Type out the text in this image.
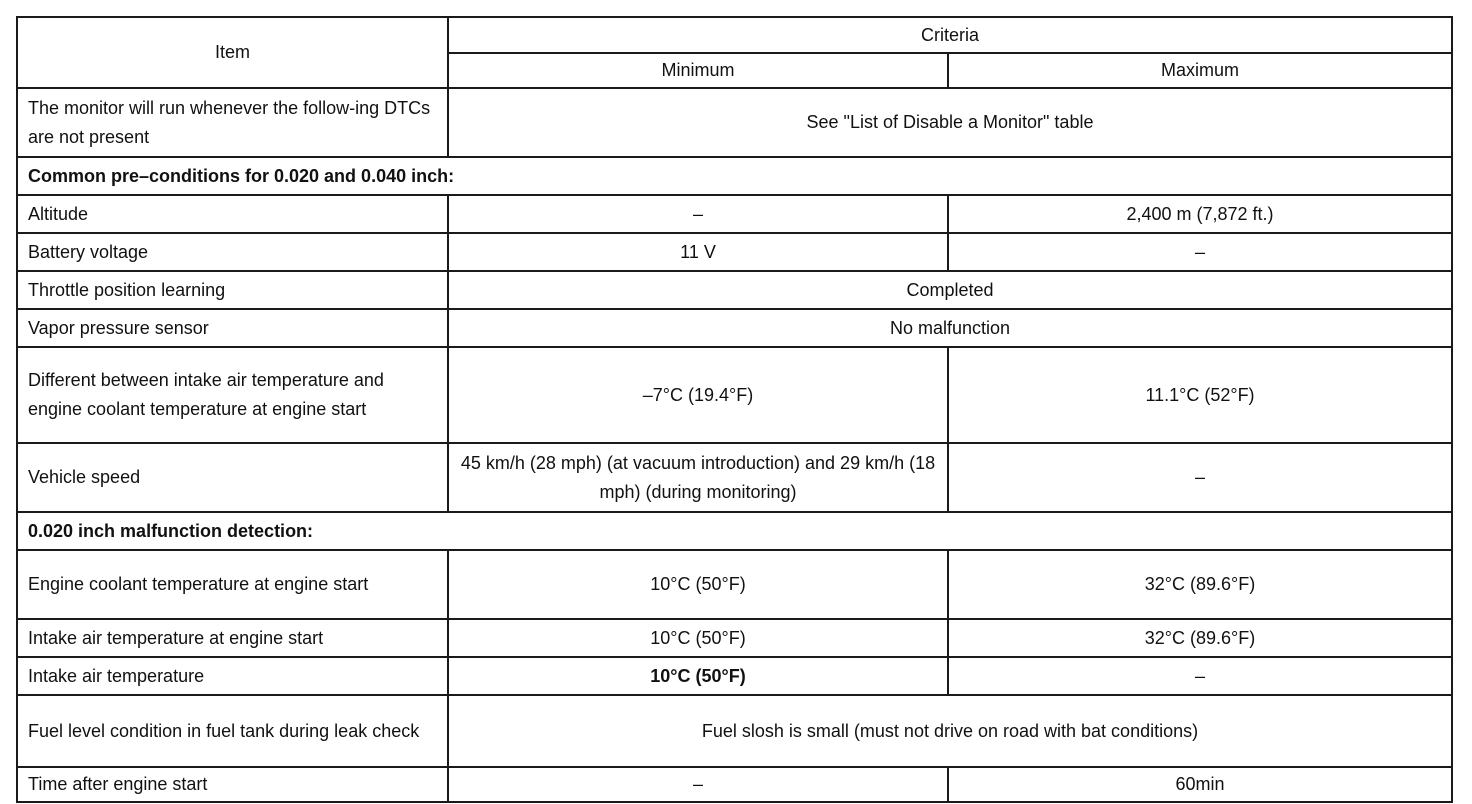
Item	Criteria	
	Minimum	Maximum
The monitor will run whenever the follow-ing DTCs are not present	See "List of Disable a Monitor" table	
Common pre–conditions for 0.020 and 0.040 inch:		
Altitude	–	2,400 m (7,872 ft.)
Battery voltage	11 V	–
Throttle position learning	Completed	
Vapor pressure sensor	No malfunction	
Different between intake air temperature and engine coolant temperature at engine start	–7°C (19.4°F)	11.1°C (52°F)
Vehicle speed	45 km/h (28 mph) (at vacuum introduction) and 29 km/h (18 mph) (during monitoring)	–
0.020 inch malfunction detection:		
Engine coolant temperature at engine start	10°C (50°F)	32°C (89.6°F)
Intake air temperature at engine start	10°C (50°F)	32°C (89.6°F)
Intake air temperature	10°C (50°F)	–
Fuel level condition in fuel tank during leak check	Fuel slosh is small (must not drive on road with bat conditions)	
Time after engine start	–	60min
